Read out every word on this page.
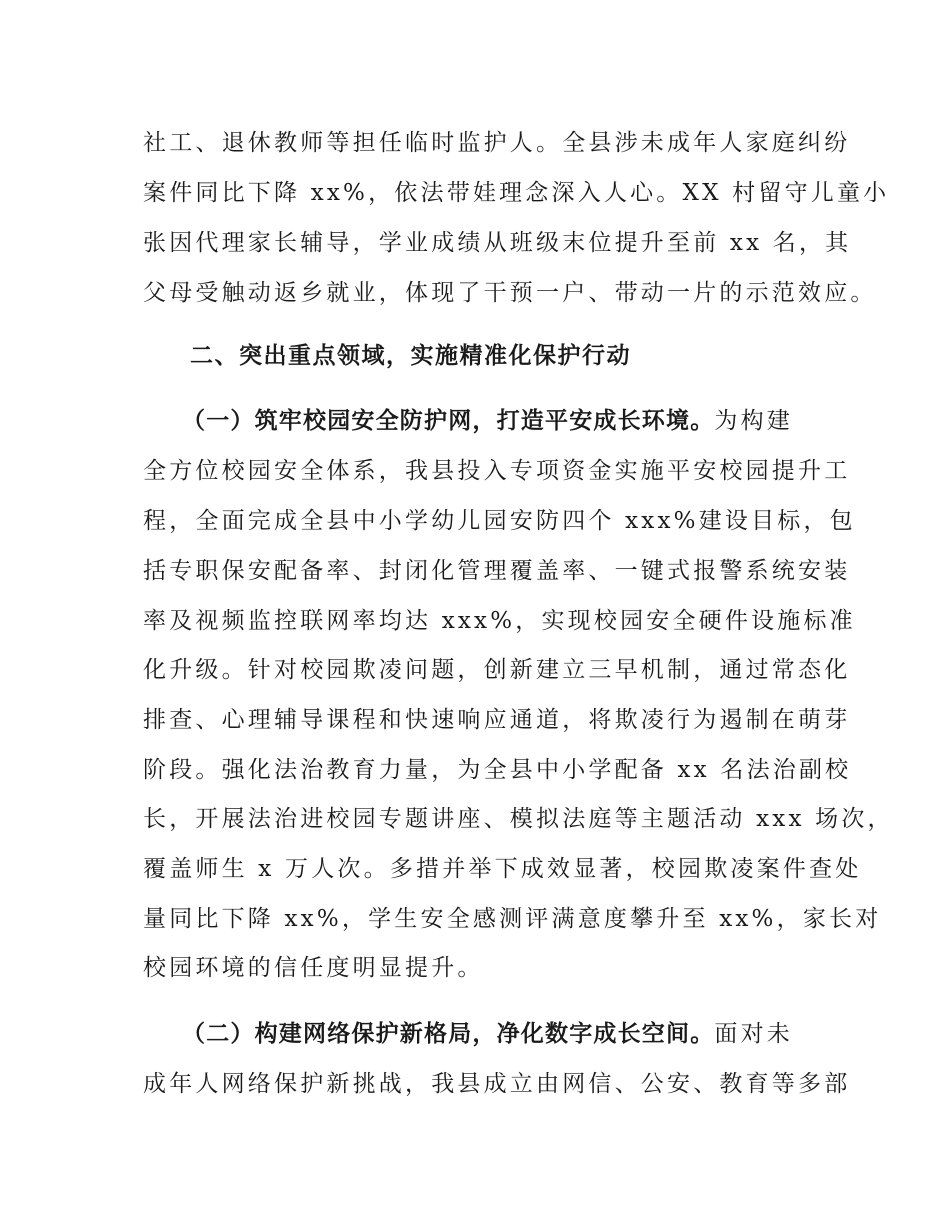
社工、退休教师等担任临时监护人。全县涉未成年人家庭纠纷
案件同比下降 xx%，依法带娃理念深入人心。XX 村留守儿童小
张因代理家长辅导，学业成绩从班级末位提升至前 xx 名，其
父母受触动返乡就业，体现了干预一户、带动一片的示范效应。
二、突出重点领域，实施精准化保护行动
（一）筑牢校园安全防护网，打造平安成长环境。为构建
全方位校园安全体系，我县投入专项资金实施平安校园提升工
程，全面完成全县中小学幼儿园安防四个 xxx%建设目标，包
括专职保安配备率、封闭化管理覆盖率、一键式报警系统安装
率及视频监控联网率均达 xxx%，实现校园安全硬件设施标准
化升级。针对校园欺凌问题，创新建立三早机制，通过常态化
排查、心理辅导课程和快速响应通道，将欺凌行为遏制在萌芽
阶段。强化法治教育力量，为全县中小学配备 xx 名法治副校
长，开展法治进校园专题讲座、模拟法庭等主题活动 xxx 场次，
覆盖师生 x 万人次。多措并举下成效显著，校园欺凌案件查处
量同比下降 xx%，学生安全感测评满意度攀升至 xx%，家长对
校园环境的信任度明显提升。
（二）构建网络保护新格局，净化数字成长空间。面对未
成年人网络保护新挑战，我县成立由网信、公安、教育等多部
